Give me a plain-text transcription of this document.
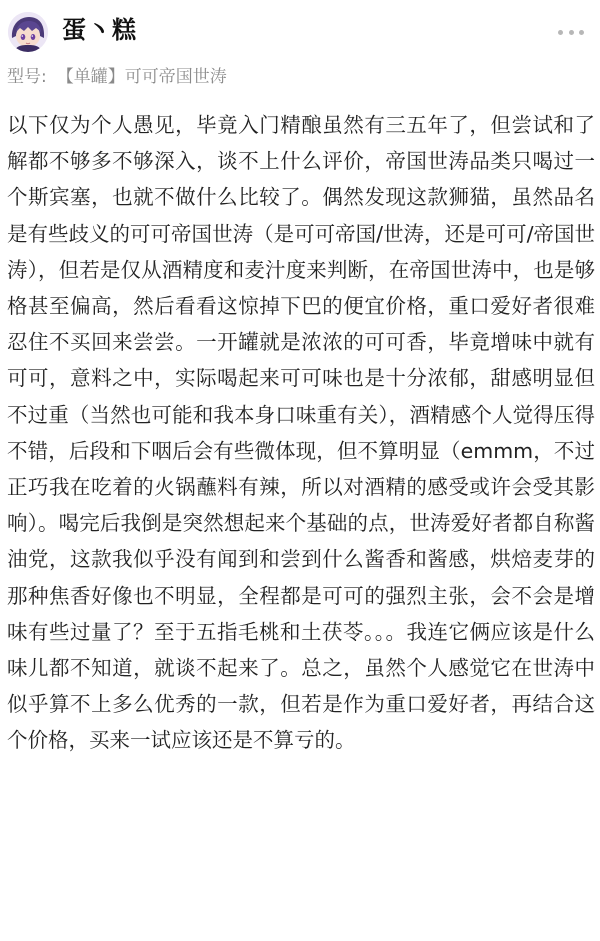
蛋丶糕
型号: 【单罐】可可帝国世涛
以下仅为个人愚见，毕竟入门精酿虽然有三五年了，但尝试和了解都不够多不够深入，谈不上什么评价，帝国世涛品类只喝过一个斯宾塞，也就不做什么比较了。偶然发现这款狮猫，虽然品名是有些歧义的可可帝国世涛（是可可帝国/世涛，还是可可/帝国世涛），但若是仅从酒精度和麦汁度来判断，在帝国世涛中，也是够格甚至偏高，然后看看这惊掉下巴的便宜价格，重口爱好者很难忍住不买回来尝尝。一开罐就是浓浓的可可香，毕竟增味中就有可可，意料之中，实际喝起来可可味也是十分浓郁，甜感明显但不过重（当然也可能和我本身口味重有关），酒精感个人觉得压得不错，后段和下咽后会有些微体现，但不算明显（emmm，不过正巧我在吃着的火锅蘸料有辣，所以对酒精的感受或许会受其影响）。喝完后我倒是突然想起来个基础的点，世涛爱好者都自称酱油党，这款我似乎没有闻到和尝到什么酱香和酱感，烘焙麦芽的那种焦香好像也不明显，全程都是可可的强烈主张，会不会是增味有些过量了？至于五指毛桃和土茯苓。。。我连它俩应该是什么味儿都不知道，就谈不起来了。总之，虽然个人感觉它在世涛中似乎算不上多么优秀的一款，但若是作为重口爱好者，再结合这个价格，买来一试应该还是不算亏的。
